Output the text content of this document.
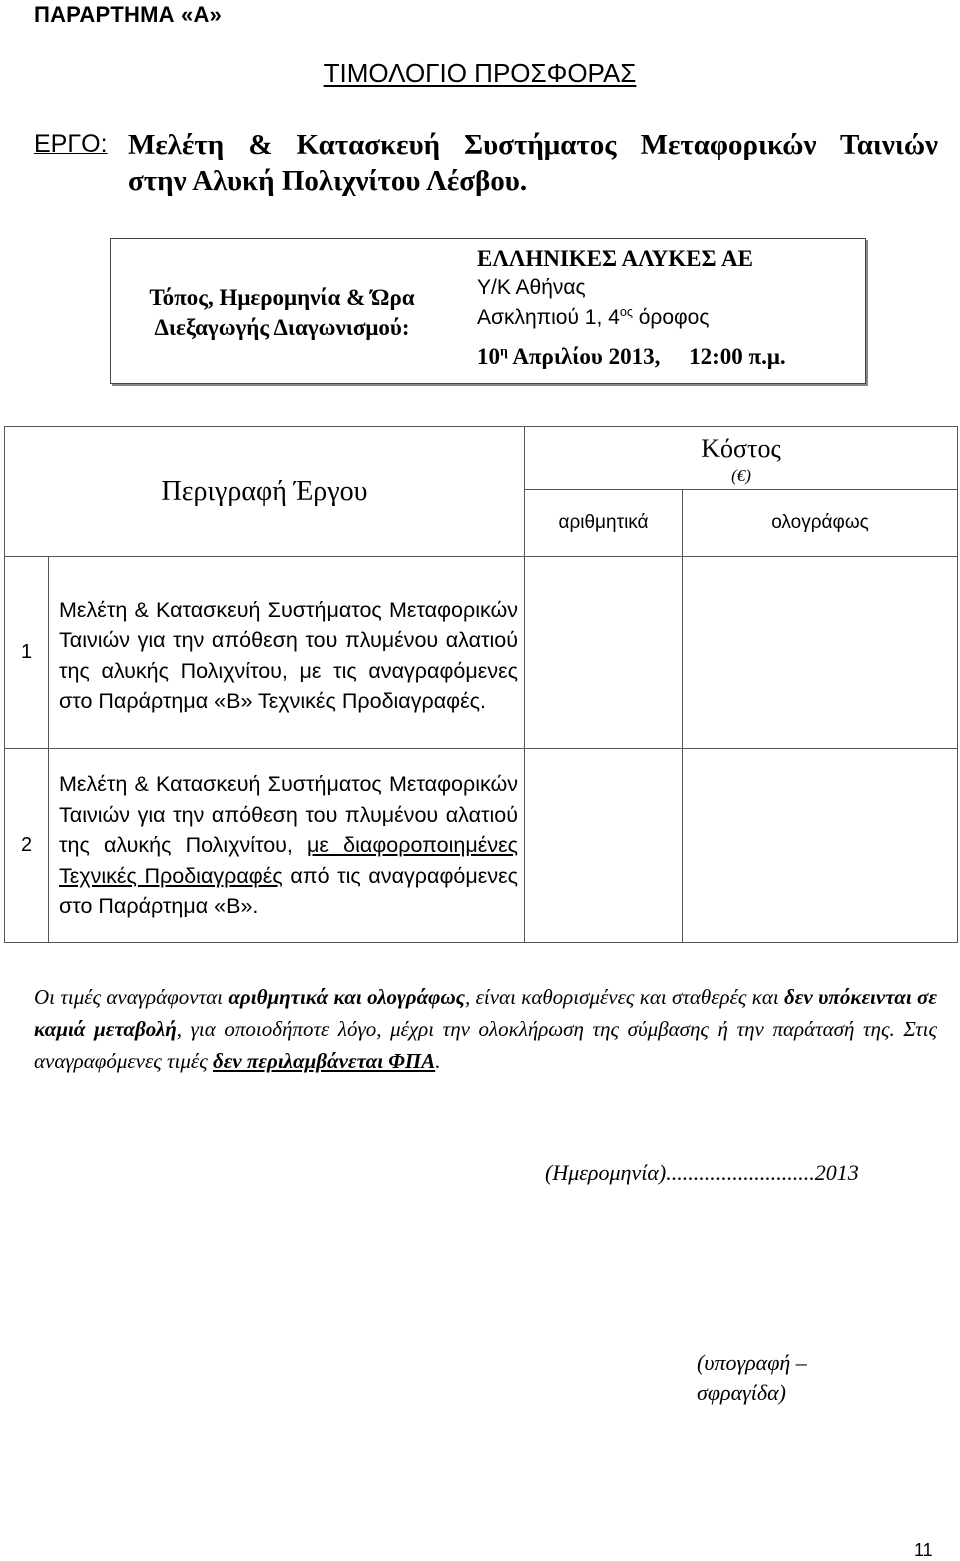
ΠΑΡΑΡΤΗΜΑ «Α»
ΤΙΜΟΛΟΓΙΟ ΠΡΟΣΦΟΡΑΣ
ΕΡΓΟ: Μελέτη & Κατασκευή Συστήματος Μεταφορικών Ταινιών
στην Αλυκή Πολιχνίτου Λέσβου.
Τόπος, Ημερομηνία & Ώρα
Διεξαγωγής Διαγωνισμού:
ΕΛΛΗΝΙΚΕΣ ΑΛΥΚΕΣ ΑΕ
Υ/Κ Αθήνας
Ασκληπιού 1, $4^{o\varsigma}$ όροφος
$10^\eta$ Απριλίου 2013,     12:00 π.μ.
Περιγραφή Έργου		Κόστος
(€)	

		αριθμητικά	ολογράφως
1	Μελέτη & Κατασκευή Συστήματος Μεταφορικών Ταινιών για την απόθεση του πλυμένου αλατιού της αλυκής Πολιχνίτου, με τις αναγραφόμενες στο Παράρτημα «Β» Τεχνικές Προδιαγραφές.		
2	Μελέτη & Κατασκευή Συστήματος Μεταφορικών Ταινιών για την απόθεση του πλυμένου αλατιού της αλυκής Πολιχνίτου, με διαφοροποιημένες Τεχνικές Προδιαγραφές από τις αναγραφόμενες στο Παράρτημα «Β».		
Οι τιμές αναγράφονται αριθμητικά και ολογράφως, είναι καθορισμένες και σταθερές και δεν υπόκεινται σε καμιά μεταβολή, για οποιοδήποτε λόγο, μέχρι την ολοκλήρωση της σύμβασης ή την παράτασή της. Στις αναγραφόμενες τιμές δεν περιλαμβάνεται ΦΠΑ.
(Ημερομηνία)...........................2013
(υπογραφή –
σφραγίδα)
11
